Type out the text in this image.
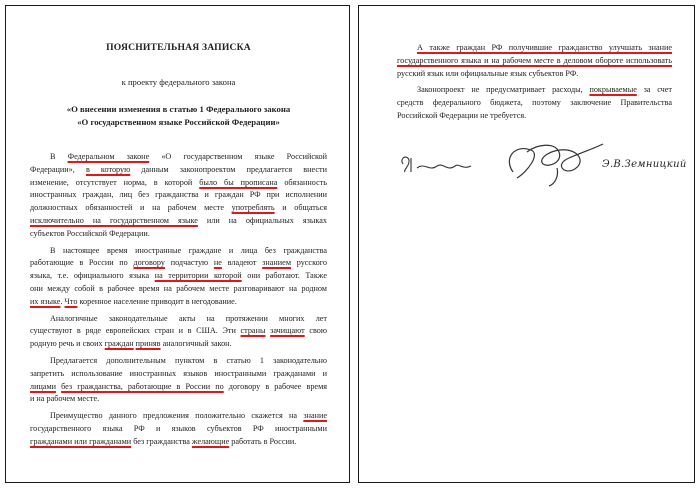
ПОЯСНИТЕЛЬНАЯ ЗАПИСКА
к проекту федерального закона
«О внесении изменения в статью 1 Федерального закона
«О государственном языке Российской Федерации»
В Федеральном законе «О государственном языке Российской
Федерации», в которую данным законопроектом предлагается внести
изменение, отсутствует норма, в которой было бы прописана обязанность
иностранных граждан, лиц без гражданства и граждан РФ при исполнении
должностных обязанностей и на рабочем месте употреблять и общаться
исключительно на государственном языке или на официальных языках
субъектов Российской Федерации.
В настоящее время иностранные граждане и лица без гражданства
работающие в России по договору подчастую не владеют знанием русского
языка, т.е. официального языка на территории которой они работают. Также
они между собой в рабочее время на рабочем месте разговаривают на родном
их языке. Что коренное население приводит в негодование.
Аналогичные законодательные акты на протяжении многих лет
существуют в ряде европейских стран и в США. Эти страны зачищают свою
родную речь и своих граждан приняв аналогичный закон.
Предлагается дополнительным пунктом в статью 1 законодательно
запретить использование иностранных языков иностранными гражданами и
лицами без гражданства, работающие в России по договору в рабочее время
и на рабочем месте.
Преимущество данного предложения положительно скажется на знание
государственного языка РФ и языков субъектов РФ иностранными
гражданами или гражданами без гражданства желающие работать в России.
А также граждан РФ получившие гражданство улучшать знание
государственного языка и на рабочем месте в деловом обороте использовать
русский язык или официальные язык субъектов РФ.
Законопроект не предусматривает расходы, покрываемые за счет
средств федерального бюджета, поэтому заключение Правительства
Российской Федерации не требуется.
Э.В.Земницкий
